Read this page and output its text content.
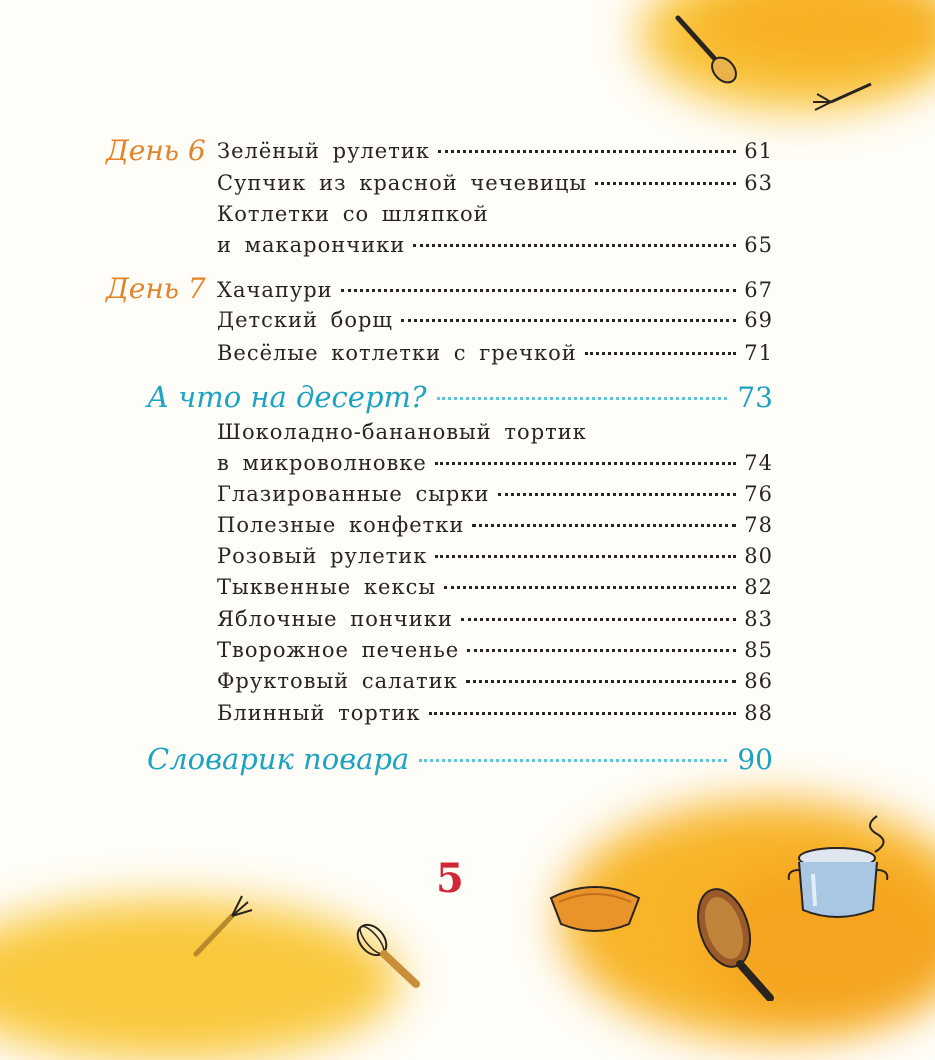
День 6 Зелёный рулетик	61
Супчик из красной чечевицы	63
Котлетки со шляпкой
и макарончики	65
День 7 Хачапури	67
Детский борщ	69
Весёлые котлетки с гречкой	71
А что на десерт?	73
Шоколадно-банановый тортик
в микроволновке	74
Глазированные сырки	76
Полезные конфетки	78
Розовый рулетик	80
Тыквенные кексы	82
Яблочные пончики	83
Творожное печенье	85
Фруктовый салатик	86
Блинный тортик	88
Словарик повара	90
5
